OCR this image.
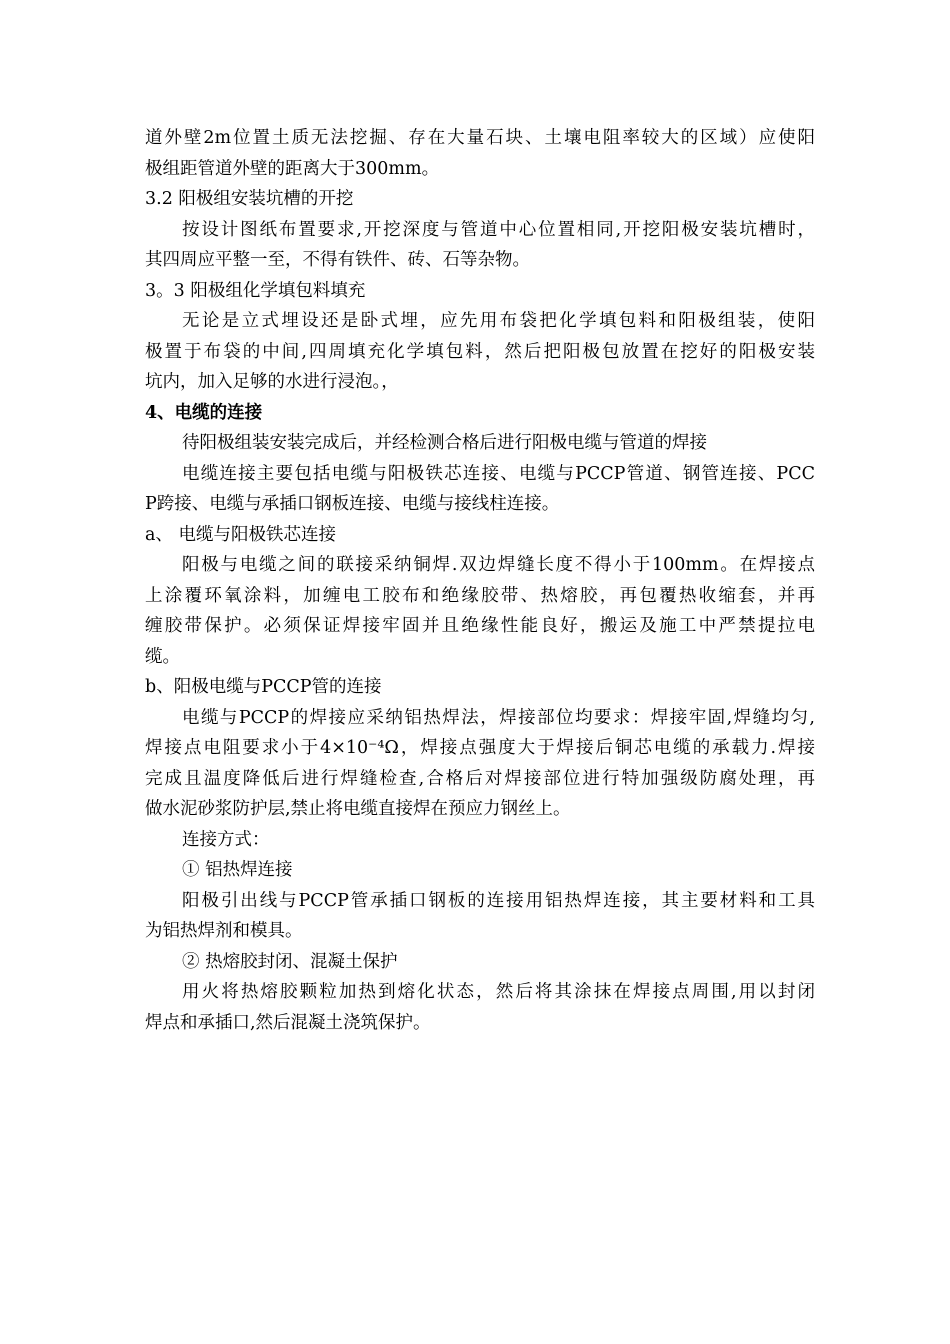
道外壁2m位置土质无法挖掘、存在大量石块、土壤电阻率较大的区域）应使阳
极组距管道外壁的距离大于300mm。
3.2 阳极组安装坑槽的开挖
按设计图纸布置要求,开挖深度与管道中心位置相同,开挖阳极安装坑槽时，
其四周应平整一至，不得有铁件、砖、石等杂物。
3。3 阳极组化学填包料填充
无论是立式埋设还是卧式埋，应先用布袋把化学填包料和阳极组装，使阳
极置于布袋的中间,四周填充化学填包料，然后把阳极包放置在挖好的阳极安装
坑内，加入足够的水进行浸泡。，
4、电缆的连接
待阳极组装安装完成后，并经检测合格后进行阳极电缆与管道的焊接
电缆连接主要包括电缆与阳极铁芯连接、电缆与PCCP管道、钢管连接、PCC
P跨接、电缆与承插口钢板连接、电缆与接线柱连接。
a、 电缆与阳极铁芯连接
阳极与电缆之间的联接采纳铜焊.双边焊缝长度不得小于100mm。在焊接点
上涂覆环氧涂料，加缠电工胶布和绝缘胶带、热熔胶，再包覆热收缩套，并再
缠胶带保护。必须保证焊接牢固并且绝缘性能良好，搬运及施工中严禁提拉电
缆。
b、阳极电缆与PCCP管的连接
电缆与PCCP的焊接应采纳铝热焊法，焊接部位均要求：焊接牢固,焊缝均匀,
焊接点电阻要求小于4×10⁻⁴Ω，焊接点强度大于焊接后铜芯电缆的承载力.焊接
完成且温度降低后进行焊缝检查,合格后对焊接部位进行特加强级防腐处理，再
做水泥砂浆防护层,禁止将电缆直接焊在预应力钢丝上。
连接方式：
① 铝热焊连接
阳极引出线与PCCP管承插口钢板的连接用铝热焊连接，其主要材料和工具
为铝热焊剂和模具。
② 热熔胶封闭、混凝土保护
用火将热熔胶颗粒加热到熔化状态，然后将其涂抹在焊接点周围,用以封闭
焊点和承插口,然后混凝土浇筑保护。
